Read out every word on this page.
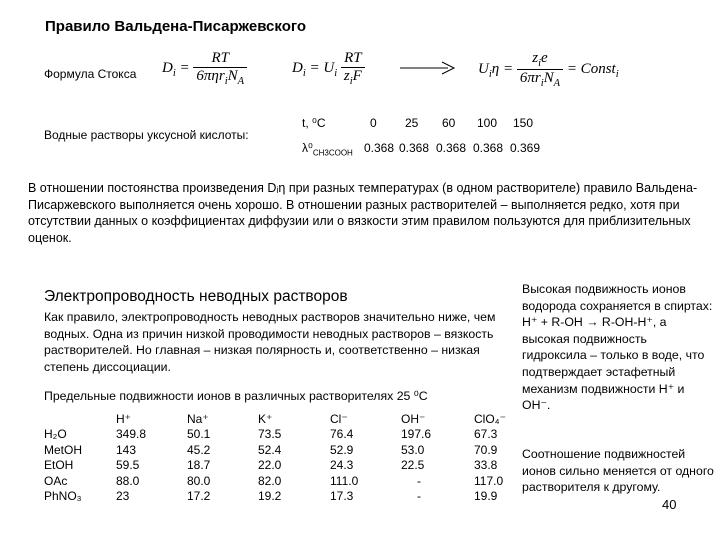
Правило Вальдена-Писаржевского
Формула Стокса $D_i = \frac{RT}{6\pi\eta r_iN_A}$	$D_i = U_i \frac{RT}{z_iF}$	$U_i\eta = \frac{z_ie}{6\pi r_iN_A}$ = Const$_i$
Водные растворы уксусной кислоты:
t, ⁰C	0 25 60 100 150
$\lambda^0_{CH3COOH}$ 0.368 0.368 0.368 0.368 0.369
В отношении постоянства произведения Dᵢη при разных температурах (в одном растворителе) правило Вальдена-Писаржевского выполняется очень хорошо. В отношении разных растворителей – выполняется редко, хотя при отсутствии данных о коэффициентах диффузии или о вязкости этим правилом пользуются для приблизительных оценок.
Электропроводность неводных растворов
Как правило, электропроводность неводных растворов значительно ниже, чем водных. Одна из причин низкой проводимости неводных растворов – вязкость растворителей. Но главная – низкая полярность и, соответственно – низкая степень диссоциации.
Предельные подвижности ионов в различных растворителях 25 ⁰C
	H⁺	Na⁺	K⁺	Cl⁻	OH⁻	ClO₄⁻
H₂O	349.8	50.1	73.5	76.4	197.6	67.3
MetOH	143	45.2	52.4	52.9	53.0	70.9
EtOH	59.5	18.7	22.0	24.3	22.5	33.8
OAc	88.0	80.0	82.0	111.0	-	117.0
PhNO₃	23	17.2	19.2	17.3	-	19.9
Высокая подвижность ионов водорода сохраняется в спиртах: H⁺ + R-OH → R-OH-H⁺, а высокая подвижность гидроксила – только в воде, что подтверждает эстафетный механизм подвижности H⁺ и OH⁻.
Соотношение подвижностей ионов сильно меняется от одного растворителя к другому.
40
